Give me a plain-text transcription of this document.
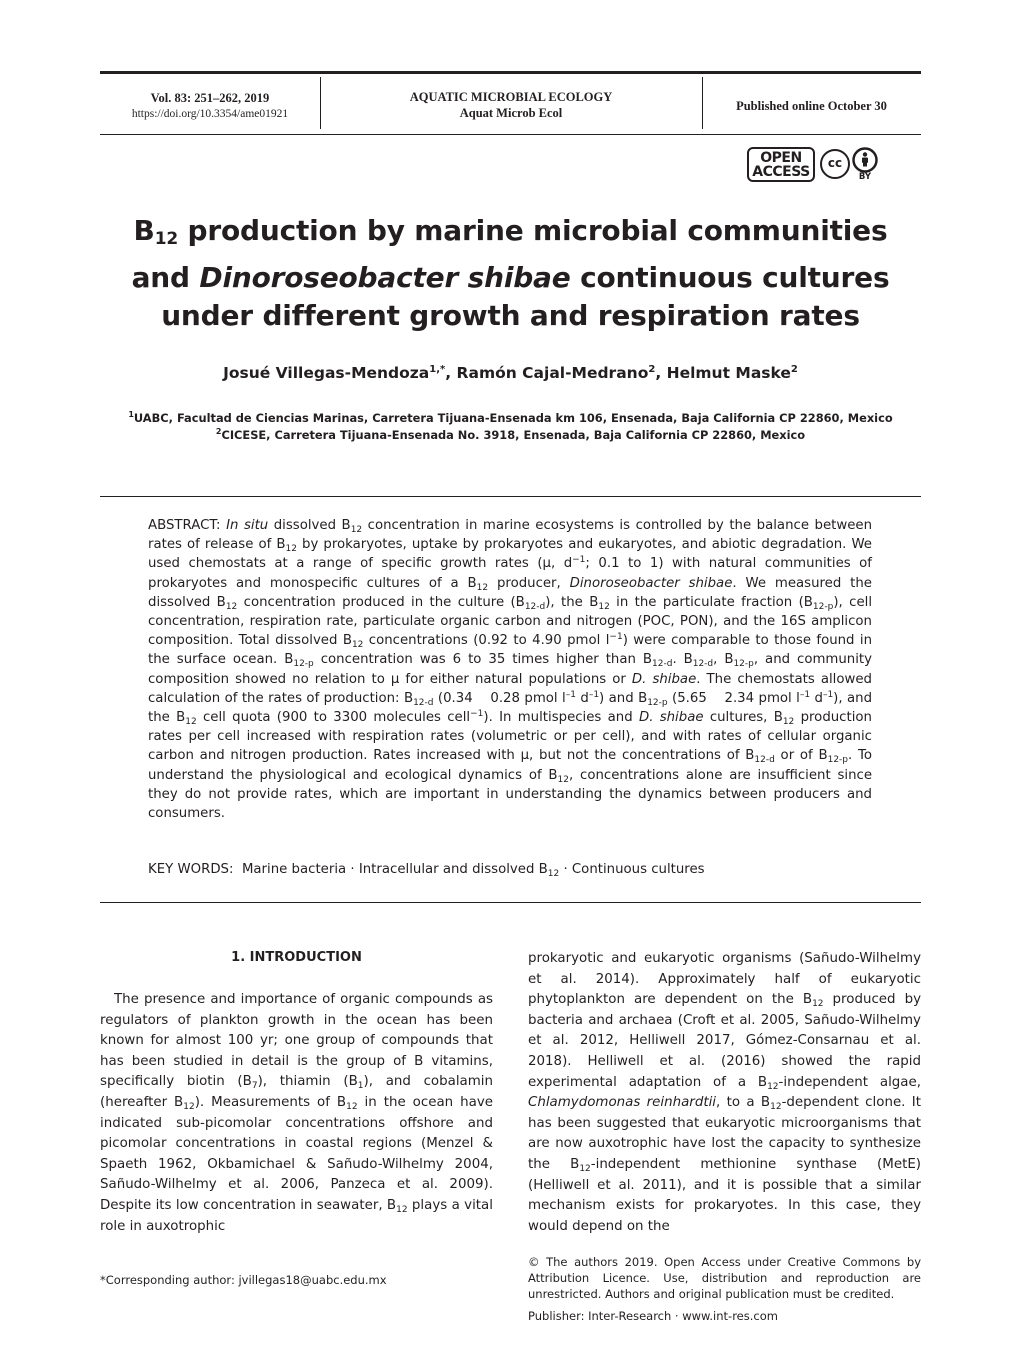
Vol. 83: 251–262, 2019
https://doi.org/10.3354/ame01921
AQUATIC MICROBIAL ECOLOGY
Aquat Microb Ecol	Published online October 30
OPEN
ACCESS
cc
BY
$B_{12}$ production by marine microbial communities
and Dinoroseobacter shibae continuous cultures
under different growth and respiration rates
Josué Villegas-Mendoza$^{1,*}$, Ramón Cajal-Medrano$^2$, Helmut Maske$^2$
$^1$UABC, Facultad de Ciencias Marinas, Carretera Tijuana-Ensenada km 106, Ensenada, Baja California CP 22860, Mexico
$^2$CICESE, Carretera Tijuana-Ensenada No. 3918, Ensenada, Baja California CP 22860, Mexico
ABSTRACT: In situ dissolved $B_{12}$ concentration in marine ecosystems is controlled by the balance between rates of release of $B_{12}$ by prokaryotes, uptake by prokaryotes and eukaryotes, and abiotic degradation. We used chemostats at a range of specific growth rates (µ, $d^{-1}$; 0.1 to 1) with natural communities of prokaryotes and monospecific cultures of a $B_{12}$ producer, Dinoroseobacter shibae. We measured the dissolved $B_{12}$ concentration produced in the culture $(B_{12-d})$, the $B_{12}$ in the particulate fraction $(B_{12-p})$, cell concentration, respiration rate, particulate organic carbon and nitrogen (POC, PON), and the 16S amplicon composition. Total dissolved $B_{12}$ concentrations (0.92 to 4.90 pmol $l^{-1}$) were comparable to those found in the surface ocean. $B_{12-p}$ concentration was 6 to 35 times higher than $B_{12-d}$. $B_{12-d}$, $B_{12-p}$, and community composition showed no relation to µ for either natural populations or D. shibae. The chemostats allowed calculation of the rates of production: $B_{12-d}$ (0.34    0.28 pmol $l^{-1}$ $d^{-1}$) and $B_{12-p}$ (5.65    2.34 pmol $l^{-1}$ $d^{-1}$), and the $B_{12}$ cell quota (900 to 3300 molecules cell$^{-1}$). In multispecies and D. shibae cultures, $B_{12}$ production rates per cell increased with respiration rates (volumetric or per cell), and with rates of cellular organic carbon and nitrogen production. Rates increased with µ, but not the concentrations of $B_{12-d}$ or of $B_{12-p}$. To understand the physiological and ecological dynamics of $B_{12}$, concentrations alone are insufficient since they do not provide rates, which are important in understanding the dynamics between producers and consumers.
KEY WORDS:  Marine bacteria · Intracellular and dissolved $B_{12}$ · Continuous cultures
1. INTRODUCTION
The presence and importance of organic compounds as regulators of plankton growth in the ocean has been known for almost 100 yr; one group of compounds that has been studied in detail is the group of B vitamins, specifically biotin $(B_7)$, thiamin $(B_1)$, and cobalamin (hereafter $B_{12}$). Measurements of $B_{12}$ in the ocean have indicated sub-picomolar concentrations offshore and picomolar concentrations in coastal regions (Menzel & Spaeth 1962, Okbamichael & Sañudo-Wilhelmy 2004, Sañudo-Wilhelmy et al. 2006, Panzeca et al. 2009). Despite its low concentration in seawater, $B_{12}$ plays a vital role in auxotrophic
prokaryotic and eukaryotic organisms (Sañudo-Wilhelmy et al. 2014). Approximately half of eukaryotic phytoplankton are dependent on the $B_{12}$ produced by bacteria and archaea (Croft et al. 2005, Sañudo-Wilhelmy et al. 2012, Helliwell 2017, Gómez-Consarnau et al. 2018). Helliwell et al. (2016) showed the rapid experimental adaptation of a $B_{12}$-independent algae, Chlamydomonas reinhardtii, to a $B_{12}$-dependent clone. It has been suggested that eukaryotic microorganisms that are now auxotrophic have lost the capacity to synthesize the $B_{12}$-independent methionine synthase (MetE) (Helliwell et al. 2011), and it is possible that a similar mechanism exists for prokaryotes. In this case, they would depend on the
*Corresponding author: jvillegas18@uabc.edu.mx
© The authors 2019. Open Access under Creative Commons by Attribution Licence. Use, distribution and reproduction are unrestricted. Authors and original publication must be credited.
Publisher: Inter-Research · www.int-res.com
